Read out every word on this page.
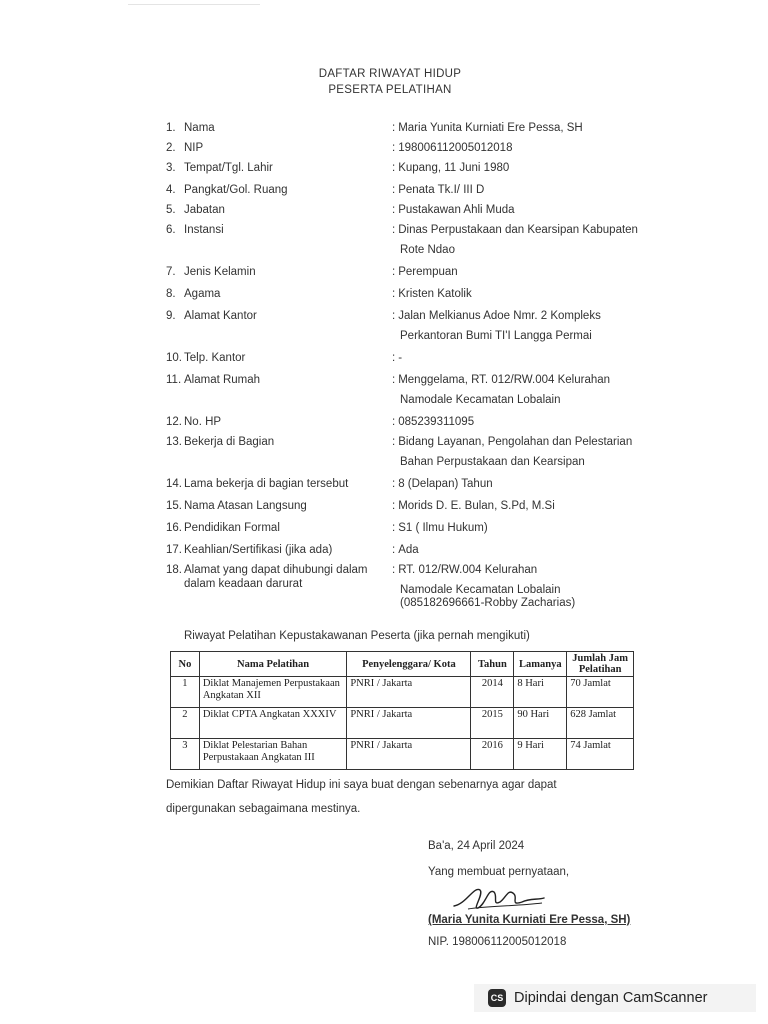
DAFTAR RIWAYAT HIDUP
PESERTA PELATIHAN
1. Nama	: Maria Yunita Kurniati Ere Pessa, SH
2. NIP	: 198006112005012018
3. Tempat/Tgl. Lahir	: Kupang, 11 Juni 1980
4. Pangkat/Gol. Ruang	: Penata Tk.I/ III D
5. Jabatan	: Pustakawan Ahli Muda
6. Instansi	: Dinas Perpustakaan dan Kearsipan Kabupaten
Rote Ndao
7. Jenis Kelamin	: Perempuan
8. Agama	: Kristen Katolik
9. Alamat Kantor	: Jalan Melkianus Adoe Nmr. 2 Kompleks
Perkantoran Bumi TI'I Langga Permai
10. Telp. Kantor	: -
11. Alamat Rumah	: Menggelama, RT. 012/RW.004 Kelurahan
Namodale Kecamatan Lobalain
12. No. HP	: 085239311095
13. Bekerja di Bagian	: Bidang Layanan, Pengolahan dan Pelestarian
Bahan Perpustakaan dan Kearsipan
14. Lama bekerja di bagian tersebut	: 8 (Delapan) Tahun
15. Nama Atasan Langsung	: Morids D. E. Bulan, S.Pd, M.Si
16. Pendidikan Formal	: S1 ( Ilmu Hukum)
17. Keahlian/Sertifikasi (jika ada)	: Ada
18. Alamat yang dapat dihubungi dalam dalam keadaan darurat
: RT. 012/RW.004 Kelurahan
Namodale Kecamatan Lobalain
(085182696661-Robby Zacharias)
Riwayat Pelatihan Kepustakawanan Peserta (jika pernah mengikuti)
No	Nama Pelatihan	Penyelenggara/ Kota	Tahun	Lamanya	Jumlah Jam Pelatihan
1	Diklat Manajemen Perpustakaan Angkatan XII	PNRI / Jakarta	2014	8 Hari	70 Jamlat
2	Diklat CPTA Angkatan XXXIV	PNRI / Jakarta	2015	90 Hari	628 Jamlat
3	Diklat Pelestarian Bahan Perpustakaan Angkatan III	PNRI / Jakarta	2016	9 Hari	74 Jamlat
Demikian Daftar Riwayat Hidup ini saya buat dengan sebenarnya agar dapat
dipergunakan sebagaimana mestinya.
Ba'a, 24 April 2024
Yang membuat pernyataan,
(Maria Yunita Kurniati Ere Pessa, SH)
NIP. 198006112005012018
CS Dipindai dengan CamScanner
